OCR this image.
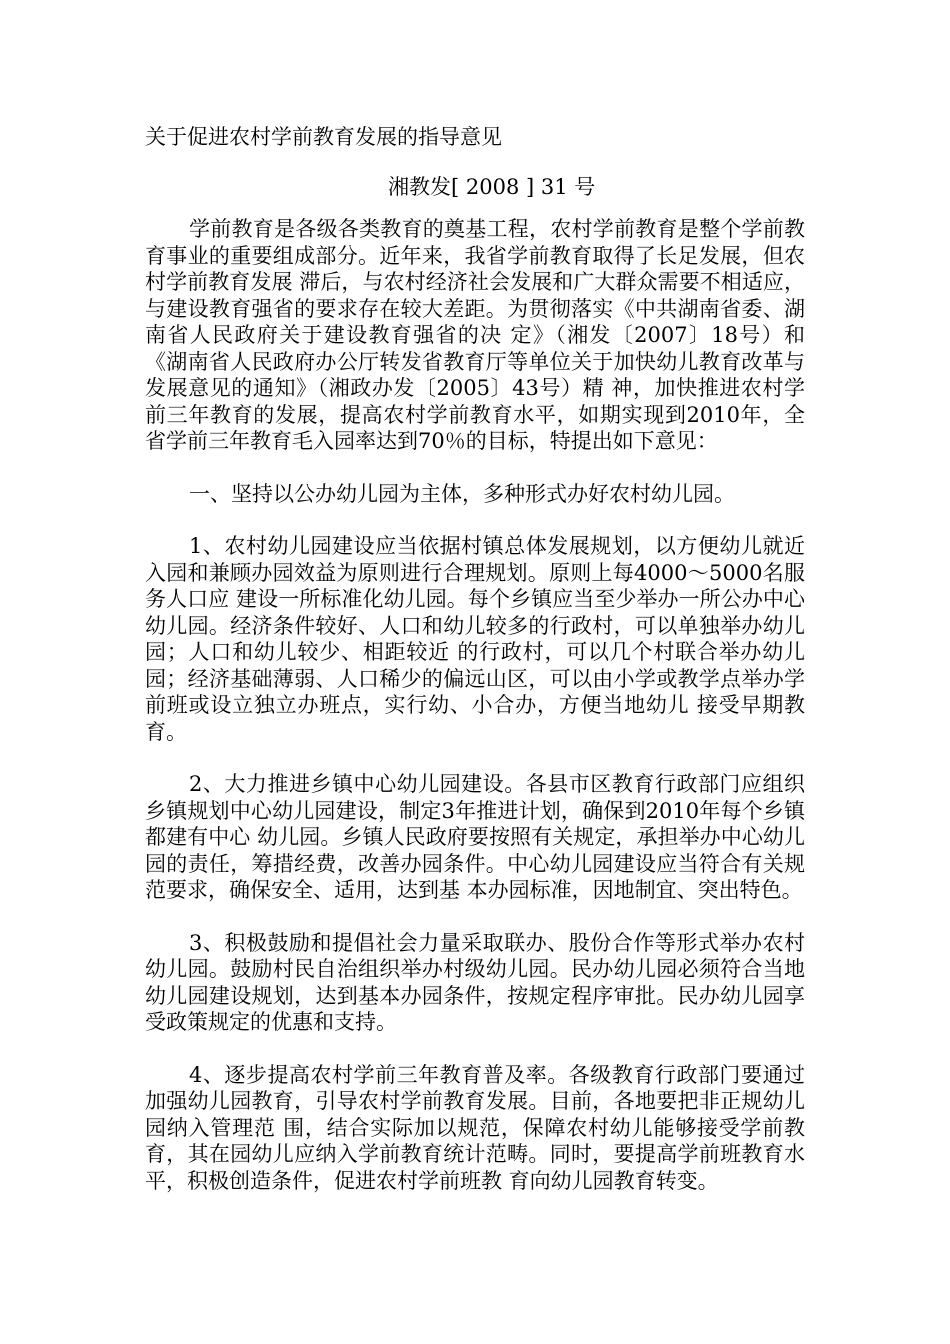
关于促进农村学前教育发展的指导意见
湘教发[ 2008 ] 31 号

学前教育是各级各类教育的奠基工程，农村学前教育是整个学前教育事业的重要组成部分。近年来，我省学前教育取得了长足发展，但农村学前教育发展 滞后，与农村经济社会发展和广大群众需要不相适应，与建设教育强省的要求存在较大差距。为贯彻落实《中共湖南省委、湖南省人民政府关于建设教育强省的决 定》（湘发〔2007〕18号）和《湖南省人民政府办公厅转发省教育厅等单位关于加快幼儿教育改革与发展意见的通知》（湘政办发〔2005〕43号）精 神，加快推进农村学前三年教育的发展，提高农村学前教育水平，如期实现到2010年，全省学前三年教育毛入园率达到70％的目标，特提出如下意见：

一、坚持以公办幼儿园为主体，多种形式办好农村幼儿园。

1、农村幼儿园建设应当依据村镇总体发展规划，以方便幼儿就近入园和兼顾办园效益为原则进行合理规划。原则上每4000～5000名服务人口应 建设一所标准化幼儿园。每个乡镇应当至少举办一所公办中心幼儿园。经济条件较好、人口和幼儿较多的行政村，可以单独举办幼儿园；人口和幼儿较少、相距较近 的行政村，可以几个村联合举办幼儿园；经济基础薄弱、人口稀少的偏远山区，可以由小学或教学点举办学前班或设立独立办班点，实行幼、小合办，方便当地幼儿 接受早期教育。

2、大力推进乡镇中心幼儿园建设。各县市区教育行政部门应组织乡镇规划中心幼儿园建设，制定3年推进计划，确保到2010年每个乡镇都建有中心 幼儿园。乡镇人民政府要按照有关规定，承担举办中心幼儿园的责任，筹措经费，改善办园条件。中心幼儿园建设应当符合有关规范要求，确保安全、适用，达到基 本办园标准，因地制宜、突出特色。

3、积极鼓励和提倡社会力量采取联办、股份合作等形式举办农村幼儿园。鼓励村民自治组织举办村级幼儿园。民办幼儿园必须符合当地幼儿园建设规划，达到基本办园条件，按规定程序审批。民办幼儿园享受政策规定的优惠和支持。

4、逐步提高农村学前三年教育普及率。各级教育行政部门要通过加强幼儿园教育，引导农村学前教育发展。目前，各地要把非正规幼儿园纳入管理范 围，结合实际加以规范，保障农村幼儿能够接受学前教育，其在园幼儿应纳入学前教育统计范畴。同时，要提高学前班教育水平，积极创造条件，促进农村学前班教 育向幼儿园教育转变。
